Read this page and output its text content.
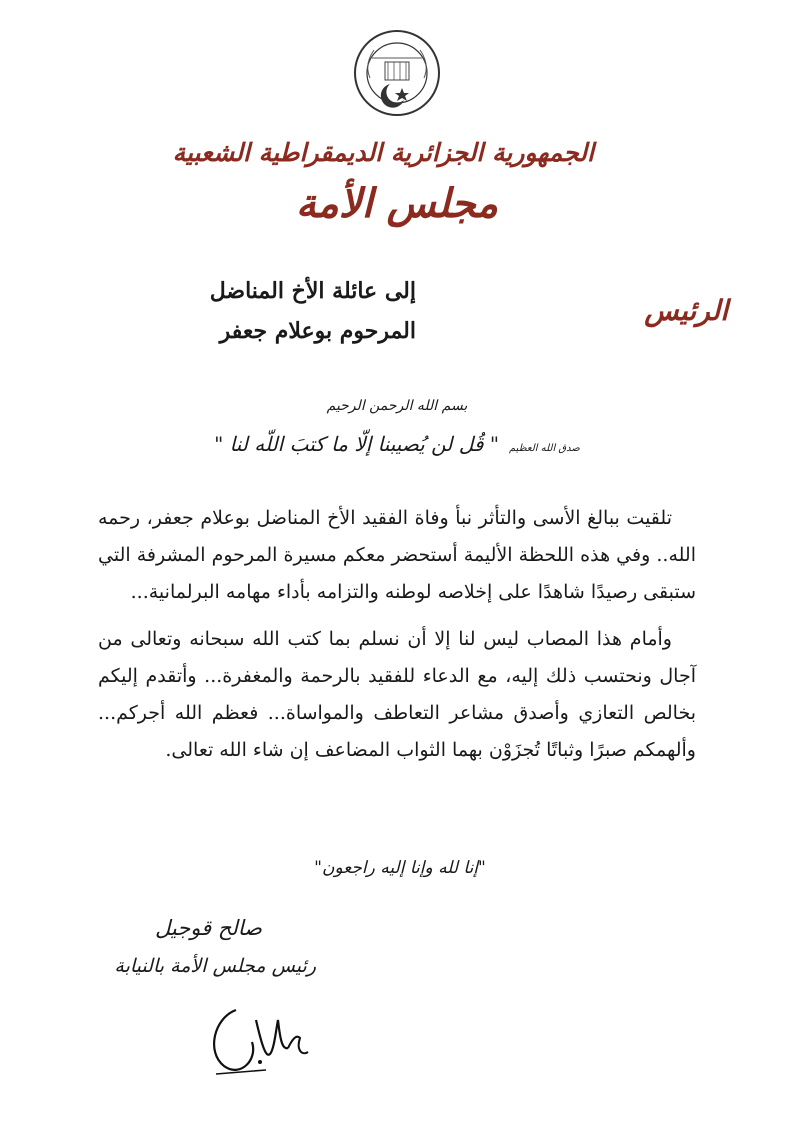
الجمهورية الجزائرية الديمقراطية الشعبية
مجلس الأمة
الرئيس
إلى عائلة الأخ المناضل
المرحوم بوعلام جعفر
بسم الله الرحمن الرحيم
" قُل لن يُصيبنا إلّا ما كتبَ اللّه لنا " صدق الله العظيم

تلقيت ببالغ الأسى والتأثر نبأ وفاة الفقيد الأخ المناضل بوعلام جعفر، رحمه الله.. وفي هذه اللحظة الأليمة أستحضر معكم مسيرة المرحوم المشرفة التي ستبقى رصيدًا شاهدًا على إخلاصه لوطنه والتزامه بأداء مهامه البرلمانية...

وأمام هذا المصاب ليس لنا إلا أن نسلم بما كتب الله سبحانه وتعالى من آجال ونحتسب ذلك إليه، مع الدعاء للفقيد بالرحمة والمغفرة... وأتقدم إليكم بخالص التعازي وأصدق مشاعر التعاطف والمواساة... فعظم الله أجركم... وألهمكم صبرًا وثباتًا تُجزَوْن بهما الثواب المضاعف إن شاء الله تعالى.

"إنا لله وإنا إليه راجعون"
صالح قوجيل
رئيس مجلس الأمة بالنيابة
